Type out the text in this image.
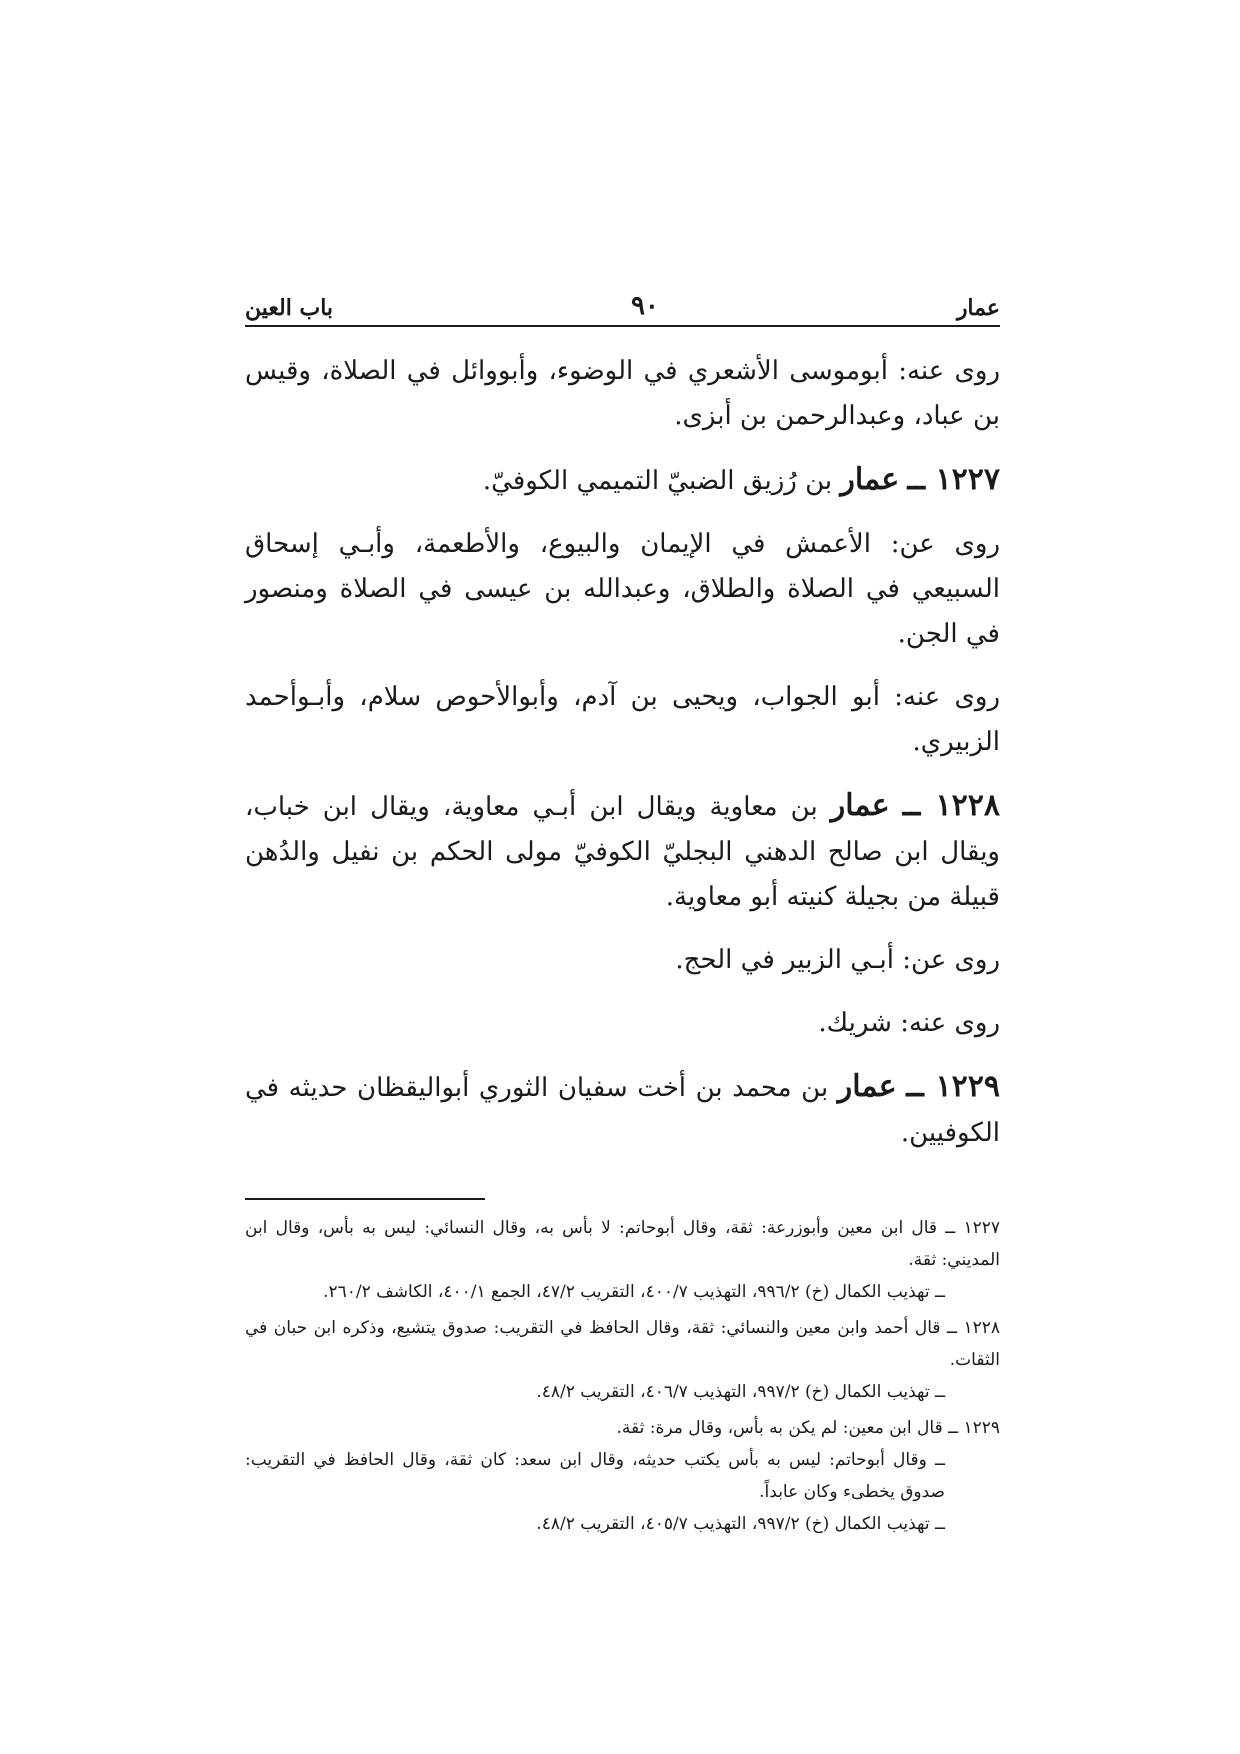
عمار
٩٠
باب العين

روى عنه: أبوموسى الأشعري في الوضوء، وأبووائل في الصلاة، وقيس بن عباد، وعبدالرحمن بن أبزى.

١٢٢٧ ــ عمار بن رُزيق الضبيّ التميمي الكوفيّ.

روى عن: الأعمش في الإيمان والبيوع، والأطعمة، وأبـي إسحاق السبيعي في الصلاة والطلاق، وعبدالله بن عيسى في الصلاة ومنصور في الجن.

روى عنه: أبو الجواب، ويحيى بن آدم، وأبوالأحوص سلام، وأبـوأحمد الزبيري.

١٢٢٨ ــ عمار بن معاوية ويقال ابن أبـي معاوية، ويقال ابن خباب، ويقال ابن صالح الدهني البجليّ الكوفيّ مولى الحكم بن نفيل والدُهن قبيلة من بجيلة كنيته أبو معاوية.

روى عن: أبـي الزبير في الحج.

روى عنه: شريك.

١٢٢٩ ــ عمار بن محمد بن أخت سفيان الثوري أبواليقظان حديثه في الكوفيين.

١٢٢٧ ــ قال ابن معين وأبوزرعة: ثقة، وقال أبوحاتم: لا بأس به، وقال النسائي: ليس به بأس، وقال ابن المديني: ثقة.

ــ تهذيب الكمال (خ) ٩٩٦/٢، التهذيب ٤٠٠/٧، التقريب ٤٧/٢، الجمع ٤٠٠/١، الكاشف ٢٦٠/٢.

١٢٢٨ ــ قال أحمد وابن معين والنسائي: ثقة، وقال الحافظ في التقريب: صدوق يتشيع، وذكره ابن حبان في الثقات.

ــ تهذيب الكمال (خ) ٩٩٧/٢، التهذيب ٤٠٦/٧، التقريب ٤٨/٢.

١٢٢٩ ــ قال ابن معين: لم يكن به بأس، وقال مرة: ثقة.

ــ وقال أبوحاتم: ليس به بأس يكتب حديثه، وقال ابن سعد: كان ثقة، وقال الحافظ في التقريب: صدوق يخطىء وكان عابداً.

ــ تهذيب الكمال (خ) ٩٩٧/٢، التهذيب ٤٠٥/٧، التقريب ٤٨/٢.
